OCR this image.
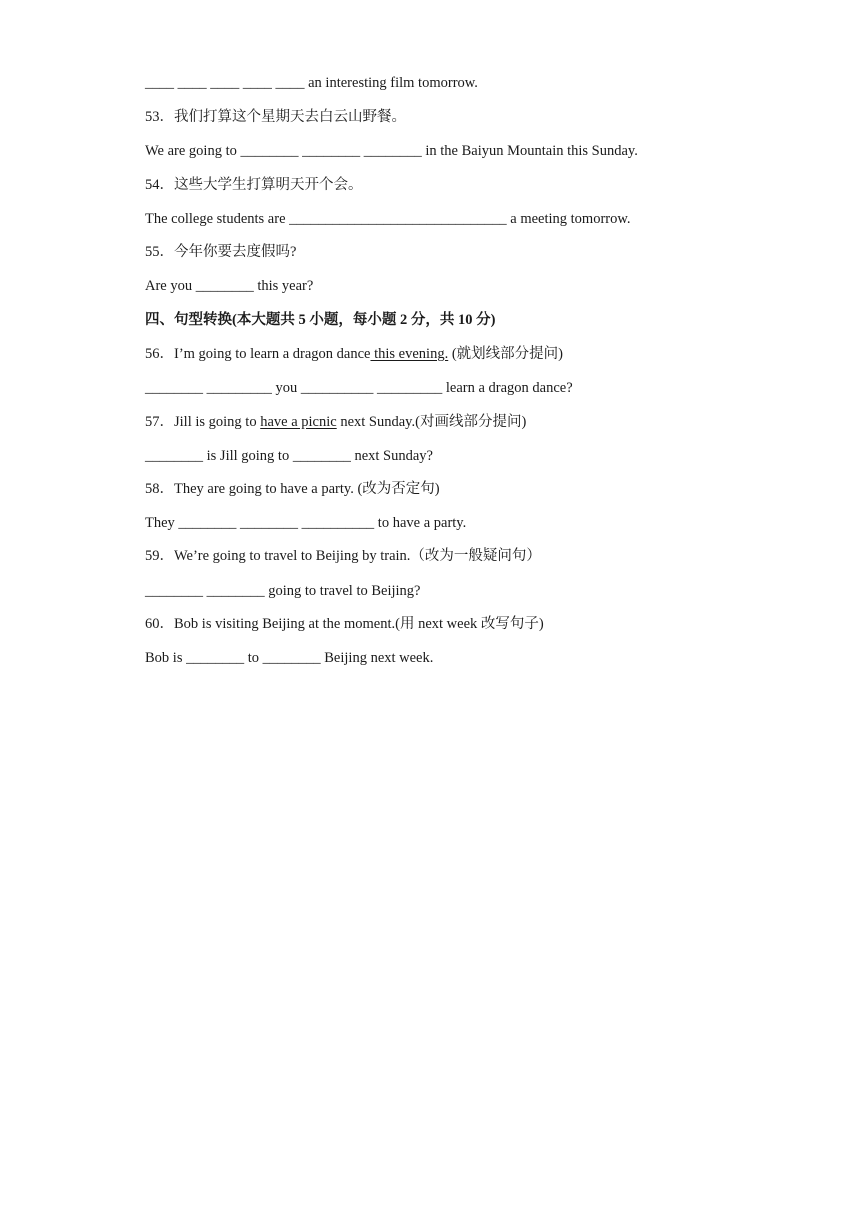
____ ____ ____ ____ ____ an interesting film tomorrow.
53．我们打算这个星期天去白云山野餐。
We are going to ________ ________ ________ in the Baiyun Mountain this Sunday.
54．这些大学生打算明天开个会。
The college students are ______________________________ a meeting tomorrow.
55．今年你要去度假吗?
Are you ________ this year?
四、句型转换(本大题共 5 小题，每小题 2 分，共 10 分)
56．I’m going to learn a dragon dance this evening. (就划线部分提问)
________ _________ you __________ _________ learn a dragon dance?
57．Jill is going to have a picnic next Sunday.(对画线部分提问)
________ is Jill going to ________ next Sunday?
58．They are going to have a party. (改为否定句)
They ________ ________ __________ to have a party.
59．We’re going to travel to Beijing by train.（改为一般疑问句）
________ ________ going to travel to Beijing?
60．Bob is visiting Beijing at the moment.(用 next week 改写句子)
Bob is ________ to ________ Beijing next week.
